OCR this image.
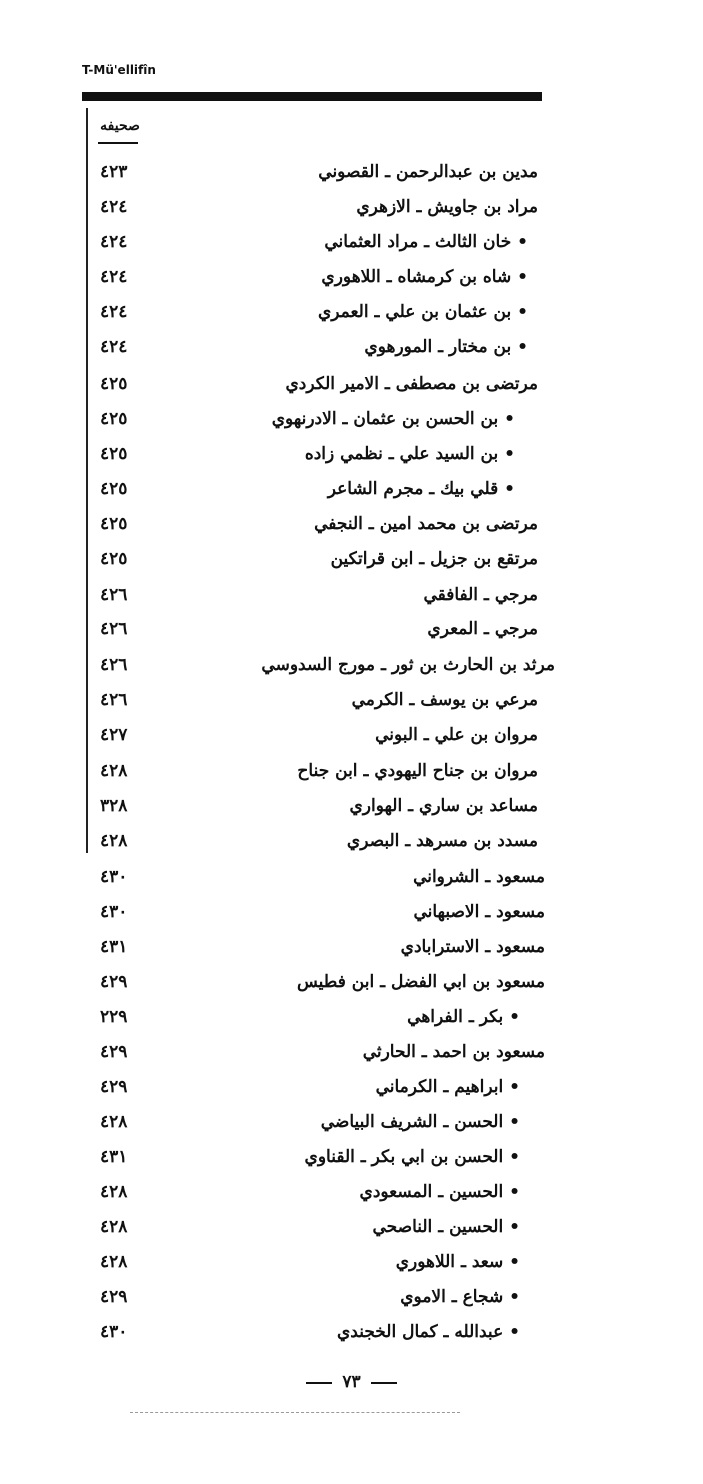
T-Mü'ellifîn
صحيفه
مدين بن عبدالرحمن ـ القصوني
٤٢٣
مراد بن جاويش ـ الازهري
٤٢٤
• خان الثالث ـ مراد العثماني
٤٢٤
• شاه بن كرمشاه ـ اللاهوري
٤٢٤
• بن عثمان بن علي ـ العمري
٤٢٤
• بن مختار ـ المورهوي
٤٢٤
مرتضى بن مصطفى ـ الامير الكردي
٤٢٥
• بن الحسن بن عثمان ـ الادرنهوي
٤٢٥
• بن السيد علي ـ نظمي زاده
٤٢٥
• قلي بيك ـ مجرم الشاعر
٤٢٥
مرتضى بن محمد امين ـ النجفي
٤٢٥
مرتقع بن جزيل ـ ابن قراتكين
٤٢٥
مرجي ـ الفافقي
٤٢٦
مرجي ـ المعري
٤٢٦
مرثد بن الحارث بن ثور ـ مورج السدوسي
٤٢٦
مرعي بن يوسف ـ الكرمي
٤٢٦
مروان بن علي ـ البوني
٤٢٧
مروان بن جناح اليهودي ـ ابن جناح
٤٢٨
مساعد بن ساري ـ الهواري
٣٢٨
مسدد بن مسرهد ـ البصري
٤٢٨
مسعود ـ الشرواني
٤٣٠
مسعود ـ الاصبهاني
٤٣٠
مسعود ـ الاسترابادي
٤٣١
مسعود بن ابي الفضل ـ ابن فطيس
٤٢٩
• بكر ـ الفراهي
٢٢٩
مسعود بن احمد ـ الحارثي
٤٢٩
• ابراهيم ـ الكرماني
٤٢٩
• الحسن ـ الشريف البياضي
٤٢٨
• الحسن بن ابي بكر ـ القناوي
٤٣١
• الحسين ـ المسعودي
٤٢٨
• الحسين ـ الناصحي
٤٢٨
• سعد ـ اللاهوري
٤٢٨
• شجاع ـ الاموي
٤٢٩
• عبدالله ـ كمال الخجندي
٤٣٠
٧٣
